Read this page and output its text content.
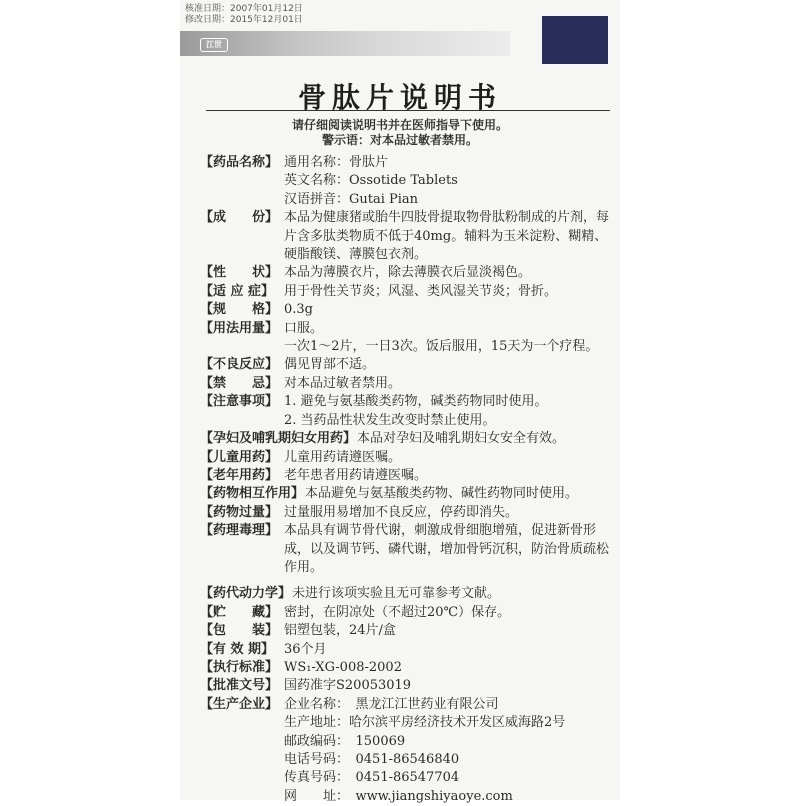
核准日期：2007年01月12日
修改日期：2015年12月01日
江世
骨肽片说明书
请仔细阅读说明书并在医师指导下使用。
警示语：对本品过敏者禁用。
【药品名称】 通用名称：骨肽片
英文名称：Ossotide Tablets
汉语拼音：Gutai Pian
【成　　份】 本品为健康猪或胎牛四肢骨提取物骨肽粉制成的片剂，每片含多肽类物质不低于40mg。辅料为玉米淀粉、糊精、硬脂酸镁、薄膜包衣剂。
【性　　状】 本品为薄膜衣片，除去薄膜衣后显淡褐色。
【适 应 症】 用于骨性关节炎；风湿、类风湿关节炎；骨折。
【规　　格】 0.3g
【用法用量】 口服。
一次1～2片，一日3次。饭后服用，15天为一个疗程。
【不良反应】 偶见胃部不适。
【禁　　忌】 对本品过敏者禁用。
【注意事项】 1. 避免与氨基酸类药物，碱类药物同时使用。
2. 当药品性状发生改变时禁止使用。
【孕妇及哺乳期妇女用药】 本品对孕妇及哺乳期妇女安全有效。
【儿童用药】 儿童用药请遵医嘱。
【老年用药】 老年患者用药请遵医嘱。
【药物相互作用】 本品避免与氨基酸类药物、碱性药物同时使用。
【药物过量】 过量服用易增加不良反应，停药即消失。
【药理毒理】 本品具有调节骨代谢，刺激成骨细胞增殖，促进新骨形成，以及调节钙、磷代谢，增加骨钙沉积，防治骨质疏松作用。
【药代动力学】 未进行该项实验且无可靠参考文献。
【贮　　藏】 密封，在阴凉处（不超过20℃）保存。
【包　　装】 铝塑包装，24片/盒
【有 效 期】 36个月
【执行标准】 WS₁-XG-008-2002
【批准文号】 国药准字S20053019
【生产企业】 企业名称：　黑龙江江世药业有限公司
生产地址：哈尔滨平房经济技术开发区威海路2号
邮政编码：　150069
电话号码：　0451-86546840
传真号码：　0451-86547704
网　　址：　www.jiangshiyaoye.com
